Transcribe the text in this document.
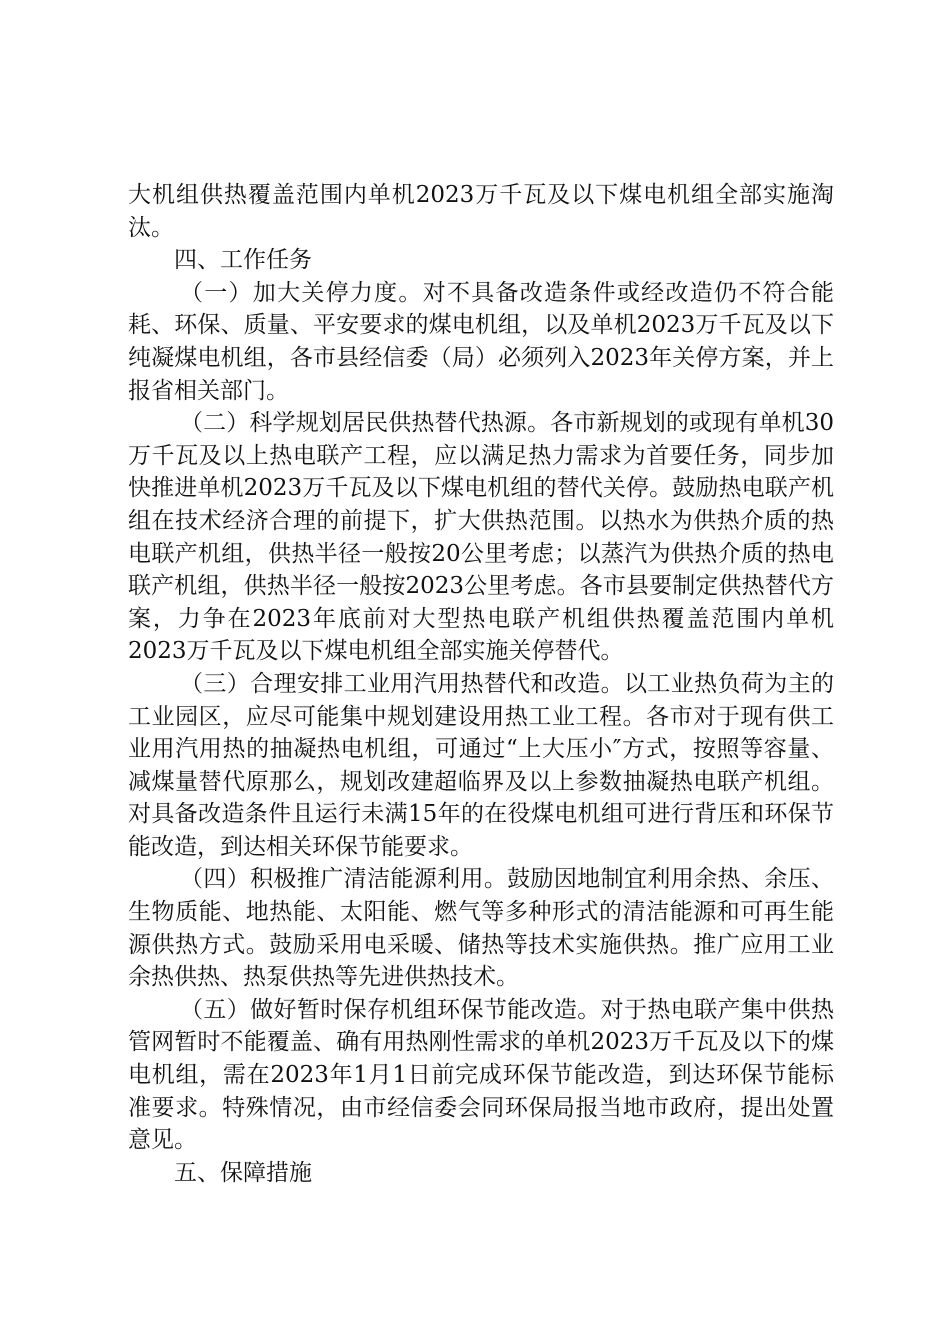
大机组供热覆盖范围内单机2023万千瓦及以下煤电机组全部实施淘汰。

四、工作任务

（一）加大关停力度。对不具备改造条件或经改造仍不符合能耗、环保、质量、平安要求的煤电机组，以及单机2023万千瓦及以下纯凝煤电机组，各市县经信委（局）必须列入2023年关停方案，并上报省相关部门。

（二）科学规划居民供热替代热源。各市新规划的或现有单机30万千瓦及以上热电联产工程，应以满足热力需求为首要任务，同步加快推进单机2023万千瓦及以下煤电机组的替代关停。鼓励热电联产机组在技术经济合理的前提下，扩大供热范围。以热水为供热介质的热电联产机组，供热半径一般按20公里考虑；以蒸汽为供热介质的热电联产机组，供热半径一般按2023公里考虑。各市县要制定供热替代方案，力争在2023年底前对大型热电联产机组供热覆盖范围内单机2023万千瓦及以下煤电机组全部实施关停替代。

（三）合理安排工业用汽用热替代和改造。以工业热负荷为主的工业园区，应尽可能集中规划建设用热工业工程。各市对于现有供工业用汽用热的抽凝热电机组，可通过“上大压小″方式，按照等容量、减煤量替代原那么，规划改建超临界及以上参数抽凝热电联产机组。对具备改造条件且运行未满15年的在役煤电机组可进行背压和环保节能改造，到达相关环保节能要求。

（四）积极推广清洁能源利用。鼓励因地制宜利用余热、余压、生物质能、地热能、太阳能、燃气等多种形式的清洁能源和可再生能源供热方式。鼓励采用电采暖、储热等技术实施供热。推广应用工业余热供热、热泵供热等先进供热技术。

（五）做好暂时保存机组环保节能改造。对于热电联产集中供热管网暂时不能覆盖、确有用热刚性需求的单机2023万千瓦及以下的煤电机组，需在2023年1月1日前完成环保节能改造，到达环保节能标准要求。特殊情况，由市经信委会同环保局报当地市政府，提出处置意见。

五、保障措施
